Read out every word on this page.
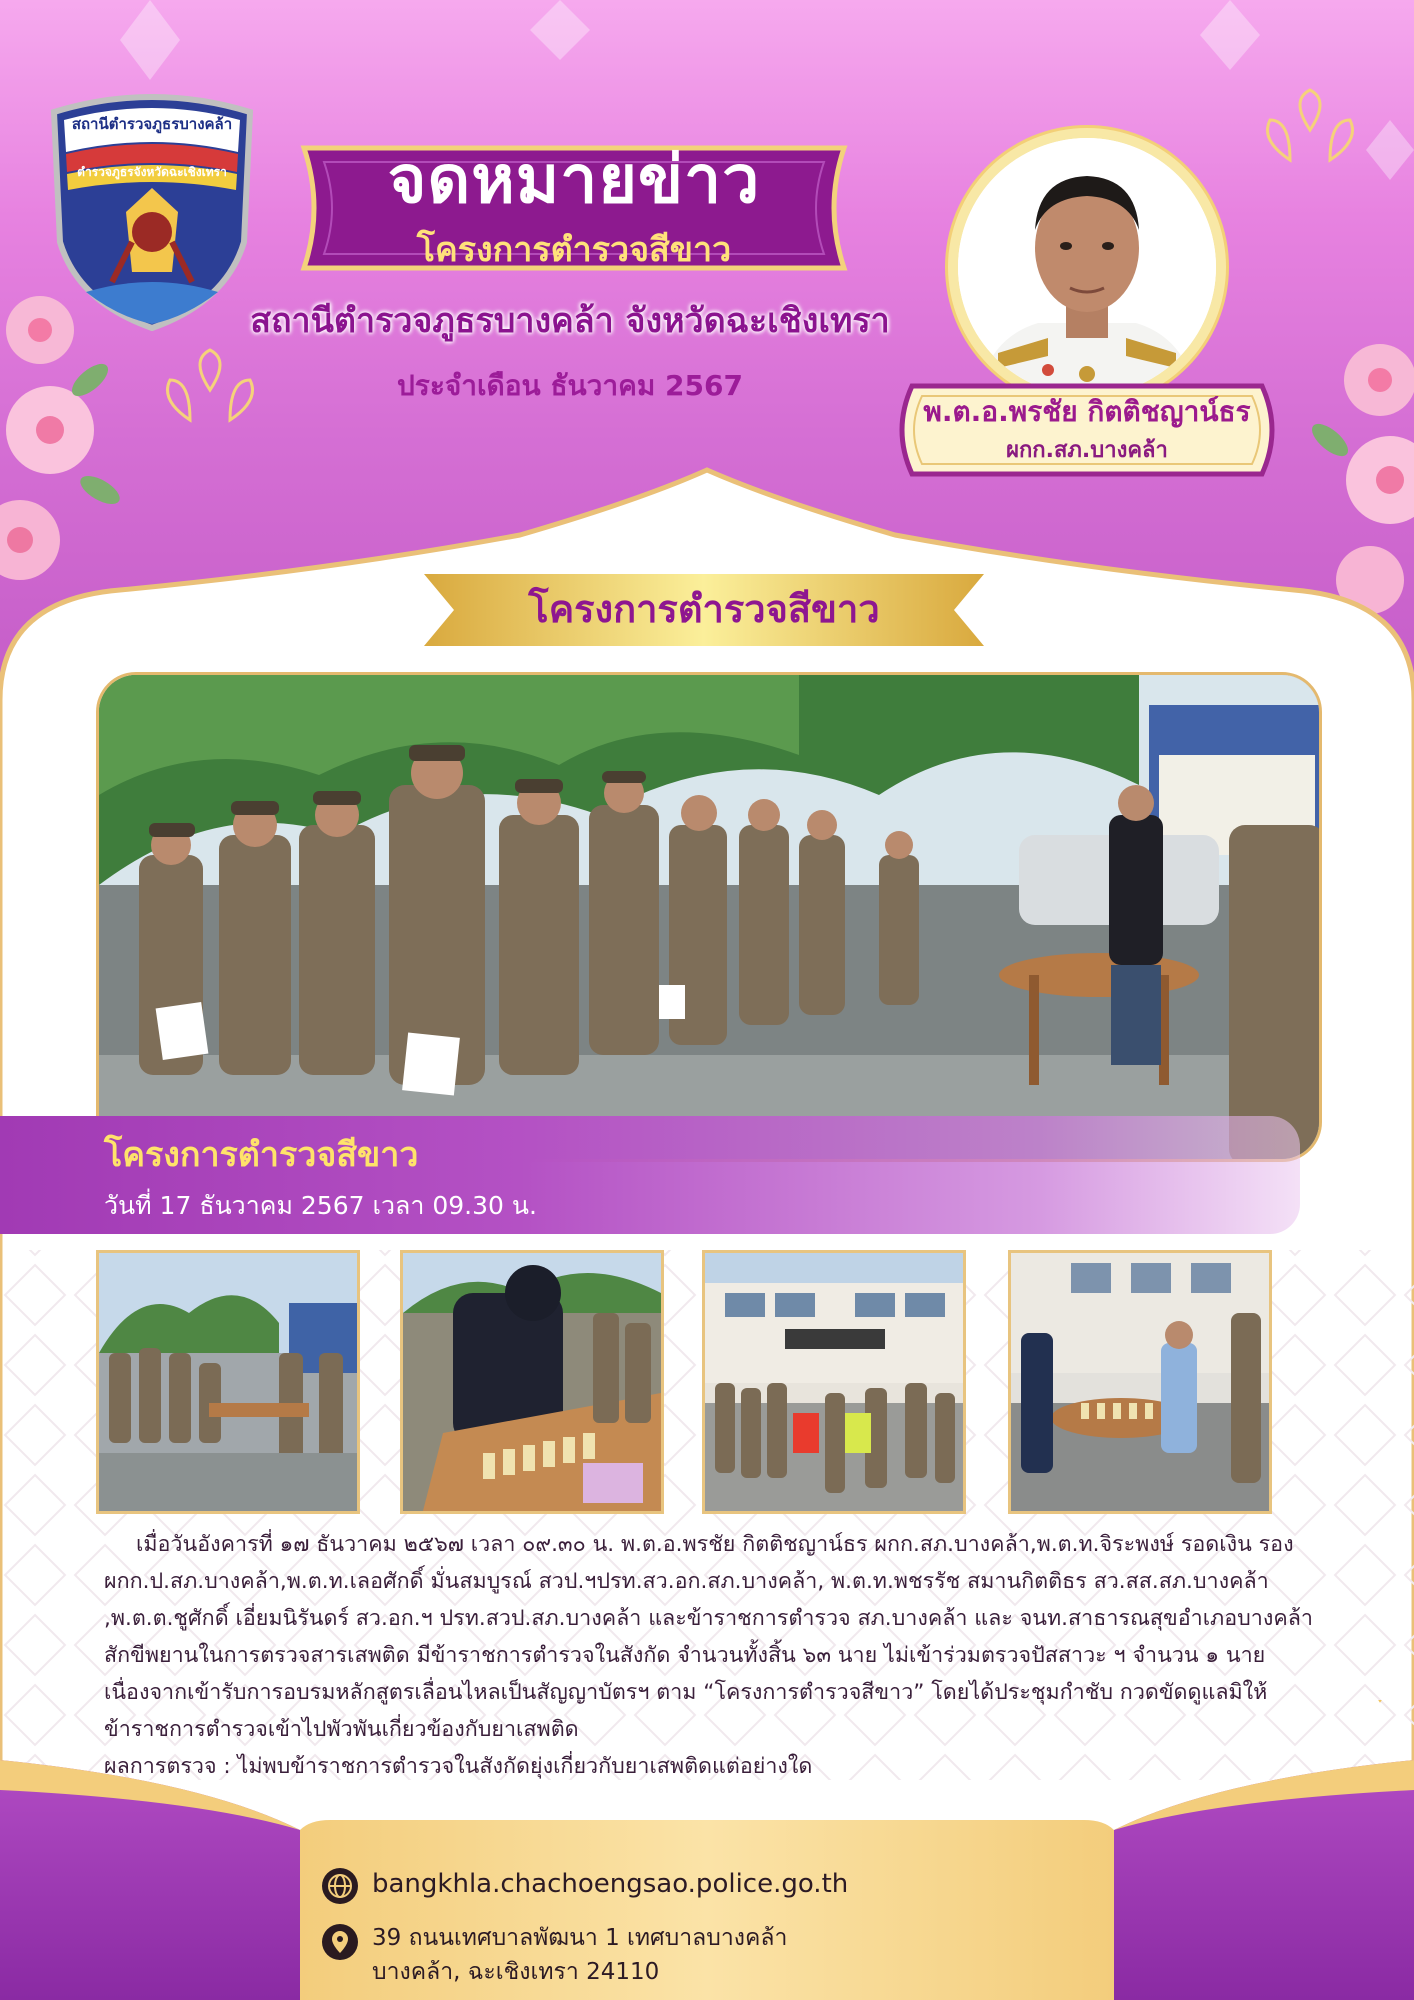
สถานีตำรวจภูธรบางคล้า
ตำรวจภูธรจังหวัดฉะเชิงเทรา	จดหมายข่าว
โครงการตำรวจสีขาว
สถานีตำรวจภูธรบางคล้า จังหวัดฉะเชิงเทรา
ประจำเดือน ธันวาคม 2567
พ.ต.อ.พรชัย กิตติชญาน์ธร
ผกก.สภ.บางคล้า
โครงการตำรวจสีขาว
โครงการตำรวจสีขาว
วันที่ 17 ธันวาคม 2567 เวลา 09.30 น.

เมื่อวันอังคารที่ ๑๗ ธันวาคม ๒๕๖๗ เวลา ๐๙.๓๐ น. พ.ต.อ.พรชัย กิตติชญาน์ธร ผกก.สภ.บางคล้า,พ.ต.ท.จิระพงษ์ รอดเงิน รอง ผกก.ป.สภ.บางคล้า,พ.ต.ท.เลอศักดิ์ มั่นสมบูรณ์ สวป.ฯปรท.สว.อก.สภ.บางคล้า, พ.ต.ท.พชรรัช สมานกิตติธร สว.สส.สภ.บางคล้า ,พ.ต.ต.ชูศักดิ์ เอี่ยมนิรันดร์ สว.อก.ฯ ปรท.สวป.สภ.บางคล้า และข้าราชการตำรวจ สภ.บางคล้า และ จนท.สาธารณสุขอำเภอบางคล้า สักขีพยานในการตรวจสารเสพติด มีข้าราชการตำรวจในสังกัด จำนวนทั้งสิ้น ๖๓ นาย ไม่เข้าร่วมตรวจปัสสาวะ ฯ จำนวน ๑ นาย เนื่องจากเข้ารับการอบรมหลักสูตรเลื่อนไหลเป็นสัญญาบัตรฯ ตาม “โครงการตำรวจสีขาว” โดยได้ประชุมกำชับ กวดขัดดูแลมิให้ข้าราชการตำรวจเข้าไปพัวพันเกี่ยวข้องกับยาเสพติด

ผลการตรวจ : ไม่พบข้าราชการตำรวจในสังกัดยุ่งเกี่ยวกับยาเสพติดแต่อย่างใด

bangkhla.chachoengsao.police.go.th
39 ถนนเทศบาลพัฒนา 1 เทศบาลบางคล้า
บางคล้า, ฉะเชิงเทรา 24110
